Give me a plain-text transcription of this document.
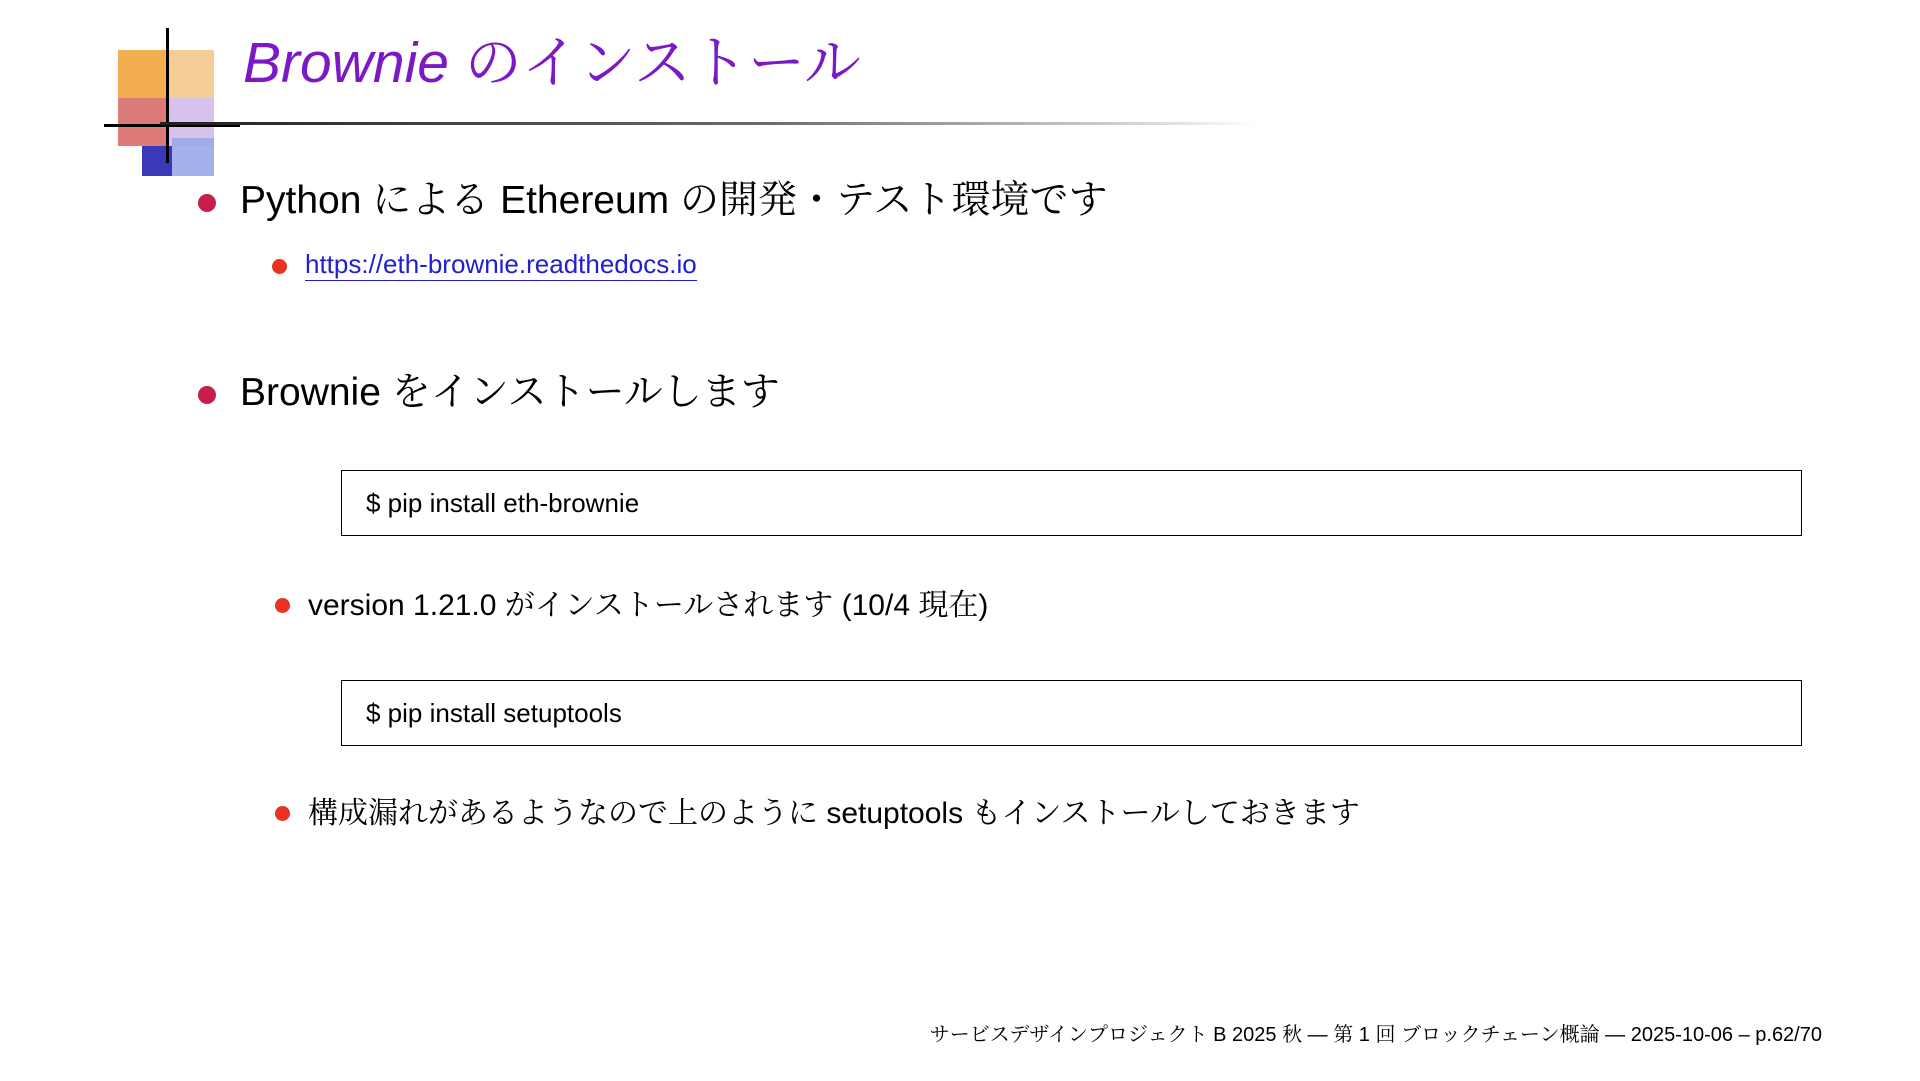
Brownie のインストール
Python による Ethereum の開発・テスト環境です
https://eth-brownie.readthedocs.io
Brownie をインストールします
$ pip install eth-brownie
version 1.21.0 がインストールされます (10/4 現在)
$ pip install setuptools
構成漏れがあるようなので上のように setuptools もインストールしておきます
サービスデザインプロジェクト B 2025 秋 — 第 1 回 ブロックチェーン概論 — 2025-10-06 – p.62/70
